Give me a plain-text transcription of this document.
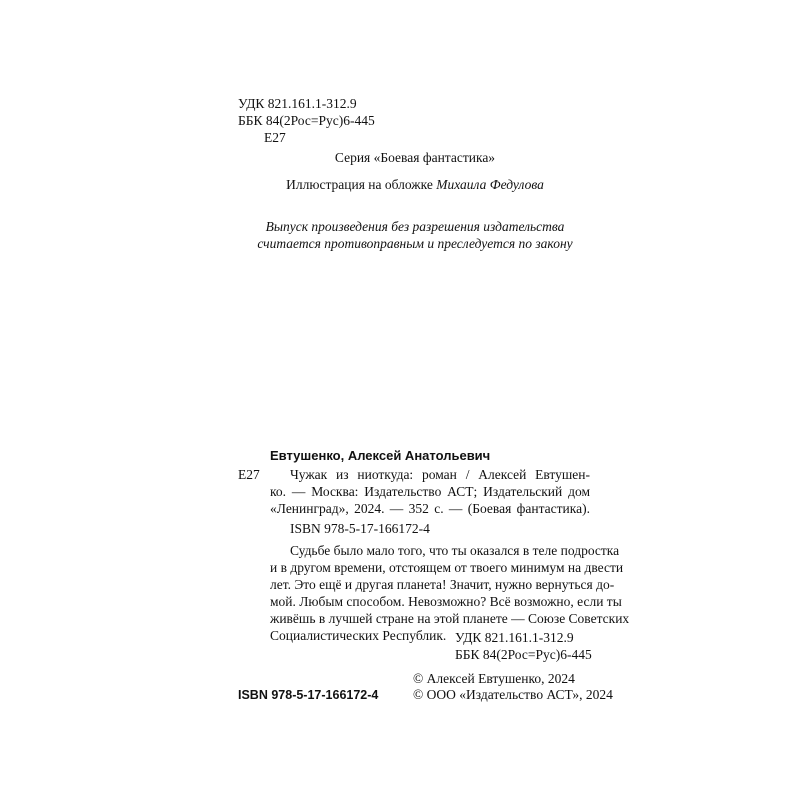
УДК 821.161.1-312.9
ББК 84(2Рос=Рус)6-445
Е27
Серия «Боевая фантастика»
Иллюстрация на обложке Михаила Федулова
Выпуск произведения без разрешения издательства
считается противоправным и преследуется по закону
Евтушенко, Алексей Анатольевич
Е27 Чужак из ниоткуда: роман / Алексей Евтушен-
ко. — Москва: Издательство АСТ; Издательский дом
«Ленинград», 2024. — 352 с. — (Боевая фантастика).
ISBN 978-5-17-166172-4
Судьбе было мало того, что ты оказался в теле подростка
и в другом времени, отстоящем от твоего минимум на двести
лет. Это ещё и другая планета! Значит, нужно вернуться до-
мой. Любым способом. Невозможно? Всё возможно, если ты
живёшь в лучшей стране на этой планете — Союзе Советских
Социалистических Республик. УДК 821.161.1-312.9
ББК 84(2Рос=Рус)6-445
© Алексей Евтушенко, 2024
ISBN 978-5-17-166172-4	© ООО «Издательство АСТ», 2024
